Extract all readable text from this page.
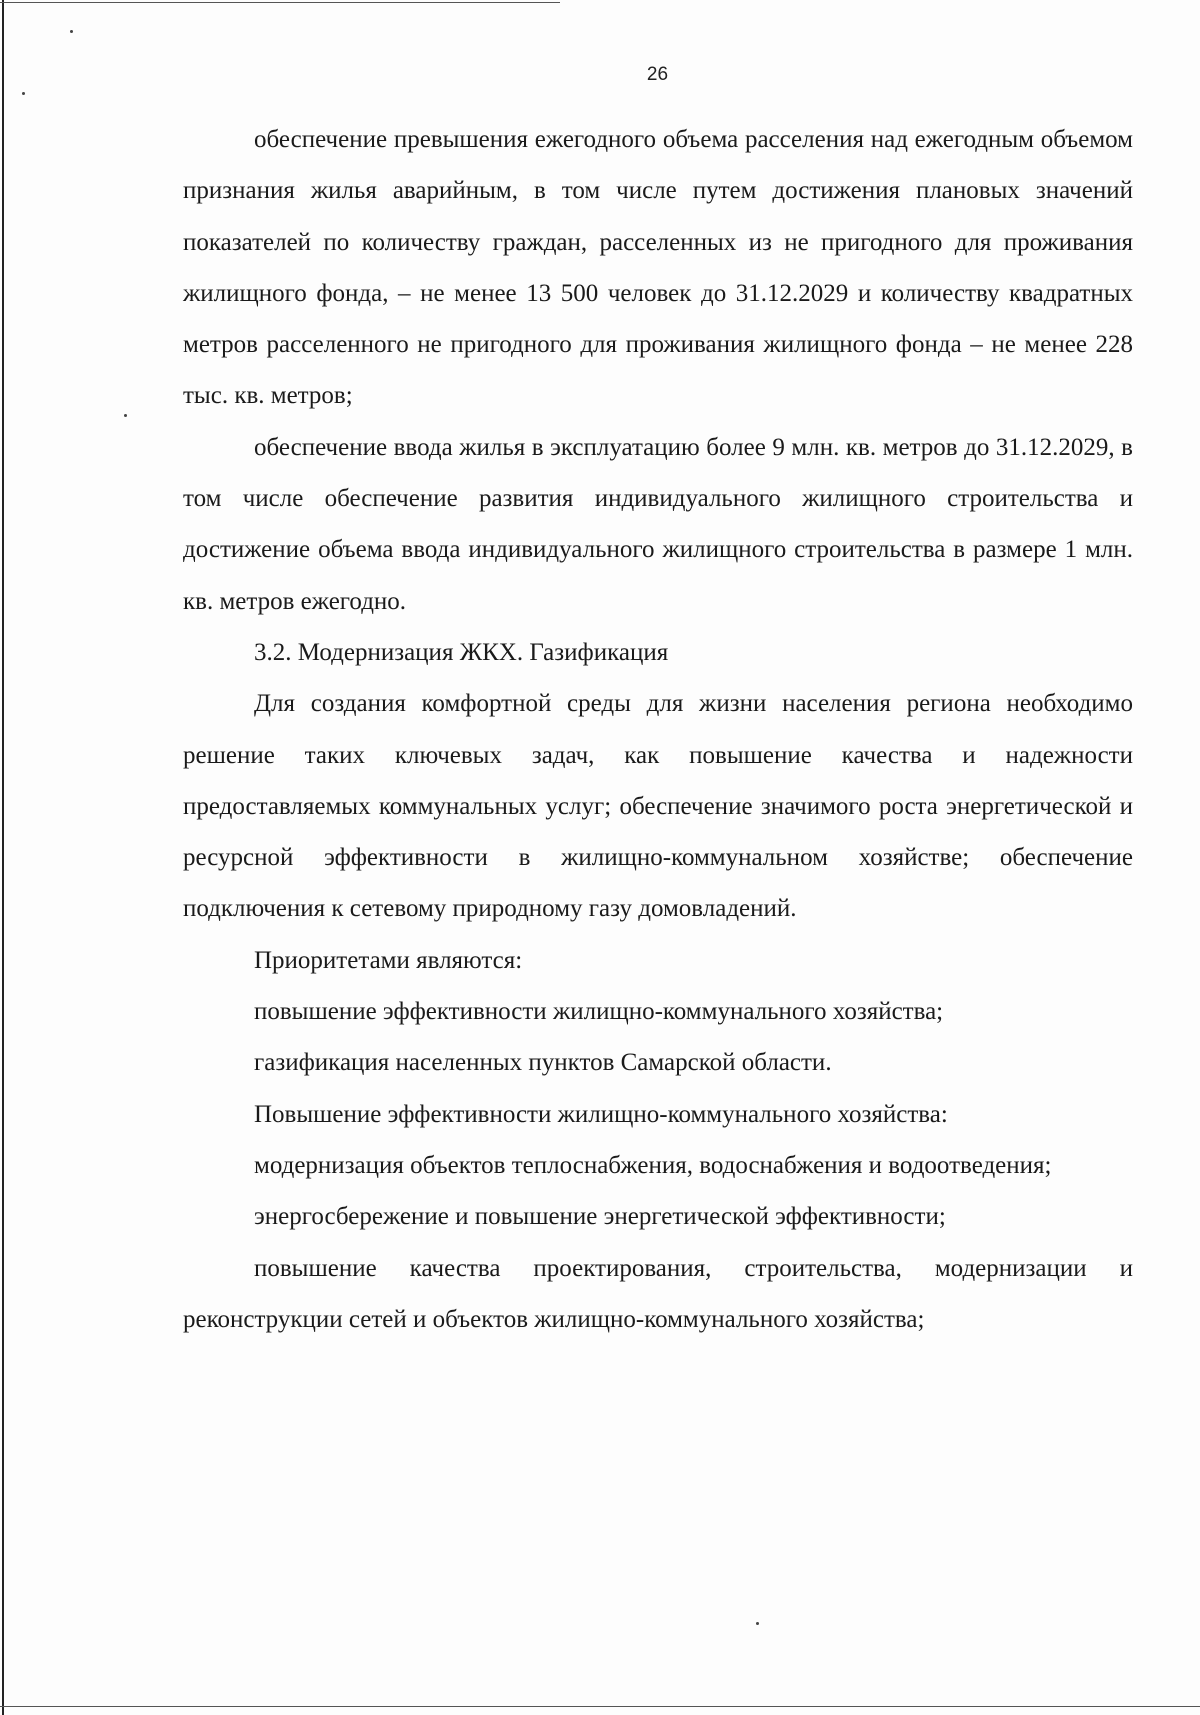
26

обеспечение превышения ежегодного объема расселения над ежегодным объемом признания жилья аварийным, в том числе путем достижения плановых значений показателей по количеству граждан, расселенных из не пригодного для проживания жилищного фонда, – не менее 13 500 человек до 31.12.2029 и количеству квадратных метров расселенного не пригодного для проживания жилищного фонда – не менее 228 тыс. кв. метров;

обеспечение ввода жилья в эксплуатацию более 9 млн. кв. метров до 31.12.2029, в том числе обеспечение развития индивидуального жилищного строительства и достижение объема ввода индивидуального жилищного строительства в размере 1 млн. кв. метров ежегодно.

3.2. Модернизация ЖКХ. Газификация

Для создания комфортной среды для жизни населения региона необходимо решение таких ключевых задач, как повышение качества и надежности предоставляемых коммунальных услуг; обеспечение значимого роста энергетической и ресурсной эффективности в жилищно-коммунальном хозяйстве; обеспечение подключения к сетевому природному газу домовладений.

Приоритетами являются:

повышение эффективности жилищно-коммунального хозяйства;

газификация населенных пунктов Самарской области.

Повышение эффективности жилищно-коммунального хозяйства:

модернизация объектов теплоснабжения, водоснабжения и водоотведения;

энергосбережение и повышение энергетической эффективности;

повышение качества проектирования, строительства, модернизации и реконструкции сетей и объектов жилищно-коммунального хозяйства;
